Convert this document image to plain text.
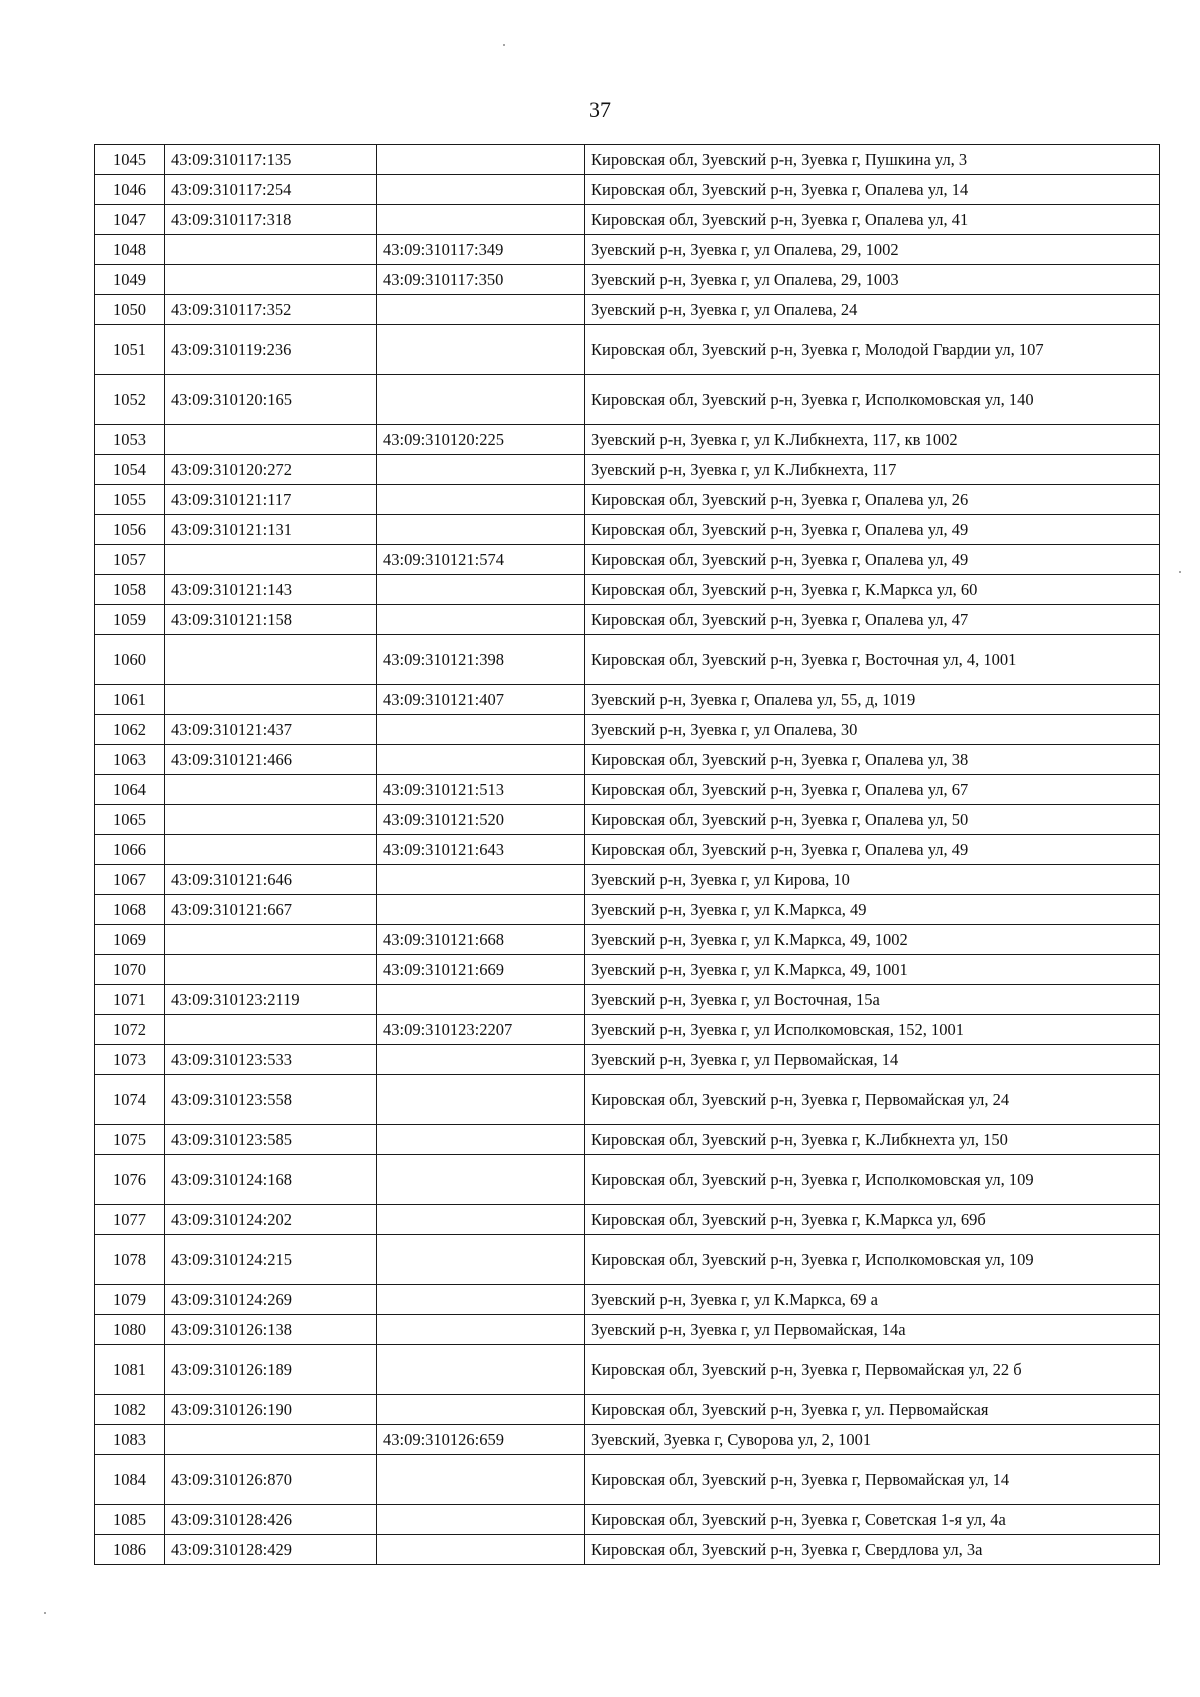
37
1045	43:09:310117:135		Кировская обл, Зуевский р-н, Зуевка г, Пушкина ул, 3
1046	43:09:310117:254		Кировская обл, Зуевский р-н, Зуевка г, Опалева ул, 14
1047	43:09:310117:318		Кировская обл, Зуевский р-н, Зуевка г, Опалева ул, 41
1048		43:09:310117:349	Зуевский р-н, Зуевка г, ул Опалева, 29, 1002
1049		43:09:310117:350	Зуевский р-н, Зуевка г, ул Опалева, 29, 1003
1050	43:09:310117:352		Зуевский р-н, Зуевка г, ул Опалева, 24
1051	43:09:310119:236		Кировская обл, Зуевский р-н, Зуевка г, Молодой Гвардии ул, 107
1052	43:09:310120:165		Кировская обл, Зуевский р-н, Зуевка г, Исполкомовская ул, 140
1053		43:09:310120:225	Зуевский р-н, Зуевка г, ул К.Либкнехта, 117, кв 1002
1054	43:09:310120:272		Зуевский р-н, Зуевка г, ул К.Либкнехта, 117
1055	43:09:310121:117		Кировская обл, Зуевский р-н, Зуевка г, Опалева ул, 26
1056	43:09:310121:131		Кировская обл, Зуевский р-н, Зуевка г, Опалева ул, 49
1057		43:09:310121:574	Кировская обл, Зуевский р-н, Зуевка г, Опалева ул, 49
1058	43:09:310121:143		Кировская обл, Зуевский р-н, Зуевка г, К.Маркса ул, 60
1059	43:09:310121:158		Кировская обл, Зуевский р-н, Зуевка г, Опалева ул, 47
1060		43:09:310121:398	Кировская обл, Зуевский р-н, Зуевка г, Восточная ул, 4, 1001
1061		43:09:310121:407	Зуевский р-н, Зуевка г, Опалева ул, 55, д, 1019
1062	43:09:310121:437		Зуевский р-н, Зуевка г, ул Опалева, 30
1063	43:09:310121:466		Кировская обл, Зуевский р-н, Зуевка г, Опалева ул, 38
1064		43:09:310121:513	Кировская обл, Зуевский р-н, Зуевка г, Опалева ул, 67
1065		43:09:310121:520	Кировская обл, Зуевский р-н, Зуевка г, Опалева ул, 50
1066		43:09:310121:643	Кировская обл, Зуевский р-н, Зуевка г, Опалева ул, 49
1067	43:09:310121:646		Зуевский р-н, Зуевка г, ул Кирова, 10
1068	43:09:310121:667		Зуевский р-н, Зуевка г, ул К.Маркса, 49
1069		43:09:310121:668	Зуевский р-н, Зуевка г, ул К.Маркса, 49, 1002
1070		43:09:310121:669	Зуевский р-н, Зуевка г, ул К.Маркса, 49, 1001
1071	43:09:310123:2119		Зуевский р-н, Зуевка г, ул Восточная, 15а
1072		43:09:310123:2207	Зуевский р-н, Зуевка г, ул Исполкомовская, 152, 1001
1073	43:09:310123:533		Зуевский р-н, Зуевка г, ул Первомайская, 14
1074	43:09:310123:558		Кировская обл, Зуевский р-н, Зуевка г, Первомайская ул, 24
1075	43:09:310123:585		Кировская обл, Зуевский р-н, Зуевка г, К.Либкнехта ул, 150
1076	43:09:310124:168		Кировская обл, Зуевский р-н, Зуевка г, Исполкомовская ул, 109
1077	43:09:310124:202		Кировская обл, Зуевский р-н, Зуевка г, К.Маркса ул, 69б
1078	43:09:310124:215		Кировская обл, Зуевский р-н, Зуевка г, Исполкомовская ул, 109
1079	43:09:310124:269		Зуевский р-н, Зуевка г, ул К.Маркса, 69 а
1080	43:09:310126:138		Зуевский р-н, Зуевка г, ул Первомайская, 14а
1081	43:09:310126:189		Кировская обл, Зуевский р-н, Зуевка г, Первомайская ул, 22 б
1082	43:09:310126:190		Кировская обл, Зуевский р-н, Зуевка г, ул. Первомайская
1083		43:09:310126:659	Зуевский, Зуевка г, Суворова ул, 2, 1001
1084	43:09:310126:870		Кировская обл, Зуевский р-н, Зуевка г, Первомайская ул, 14
1085	43:09:310128:426		Кировская обл, Зуевский р-н, Зуевка г, Советская 1-я ул, 4а
1086	43:09:310128:429		Кировская обл, Зуевский р-н, Зуевка г, Свердлова ул, 3а
